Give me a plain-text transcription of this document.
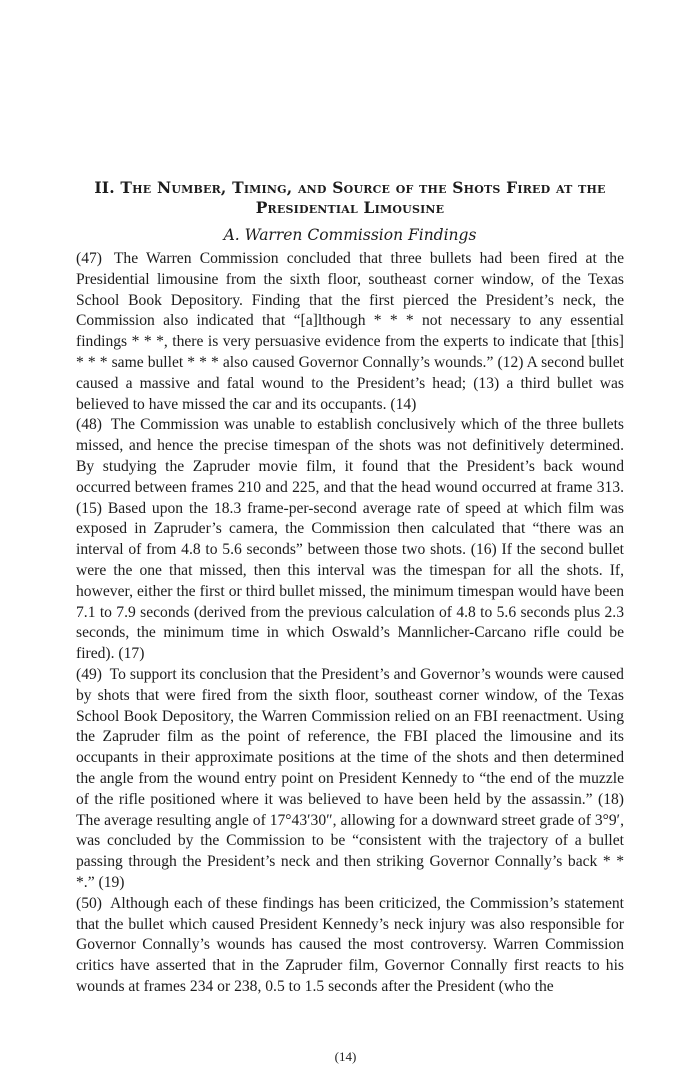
II. The Number, Timing, and Source of the Shots Fired at the
Presidential Limousine
A. Warren Commission Findings

(47) The Warren Commission concluded that three bullets had been fired at the Presidential limousine from the sixth floor, southeast corner window, of the Texas School Book Depository. Finding that the first pierced the President’s neck, the Commission also indicated that “[a]lthough * * * not necessary to any essential findings * * *, there is very persuasive evidence from the experts to indicate that [this] * * * same bullet * * * also caused Governor Connally’s wounds.” (12) A second bullet caused a massive and fatal wound to the President’s head; (13) a third bullet was believed to have missed the car and its occupants. (14)

(48) The Commission was unable to establish conclusively which of the three bullets missed, and hence the precise timespan of the shots was not definitively determined. By studying the Zapruder movie film, it found that the President’s back wound occurred between frames 210 and 225, and that the head wound occurred at frame 313. (15) Based upon the 18.3 frame-per-second average rate of speed at which film was exposed in Zapruder’s camera, the Commission then calculated that “there was an interval of from 4.8 to 5.6 seconds” between those two shots. (16) If the second bullet were the one that missed, then this interval was the timespan for all the shots. If, however, either the first or third bullet missed, the minimum timespan would have been 7.1 to 7.9 seconds (derived from the previous calculation of 4.8 to 5.6 seconds plus 2.3 seconds, the minimum time in which Oswald’s Mannlicher-Carcano rifle could be fired). (17)

(49) To support its conclusion that the President’s and Governor’s wounds were caused by shots that were fired from the sixth floor, southeast corner window, of the Texas School Book Depository, the Warren Commission relied on an FBI reenactment. Using the Zapruder film as the point of reference, the FBI placed the limousine and its occupants in their approximate positions at the time of the shots and then determined the angle from the wound entry point on President Kennedy to “the end of the muzzle of the rifle positioned where it was believed to have been held by the assassin.” (18) The average resulting angle of 17°43′30″, allowing for a downward street grade of 3°9′, was concluded by the Commission to be “consistent with the trajectory of a bullet passing through the President’s neck and then striking Governor Connally’s back * * *.” (19)

(50) Although each of these findings has been criticized, the Commission’s statement that the bullet which caused President Kennedy’s neck injury was also responsible for Governor Connally’s wounds has caused the most controversy. Warren Commission critics have asserted that in the Zapruder film, Governor Connally first reacts to his wounds at frames 234 or 238, 0.5 to 1.5 seconds after the President (who the

(14)
